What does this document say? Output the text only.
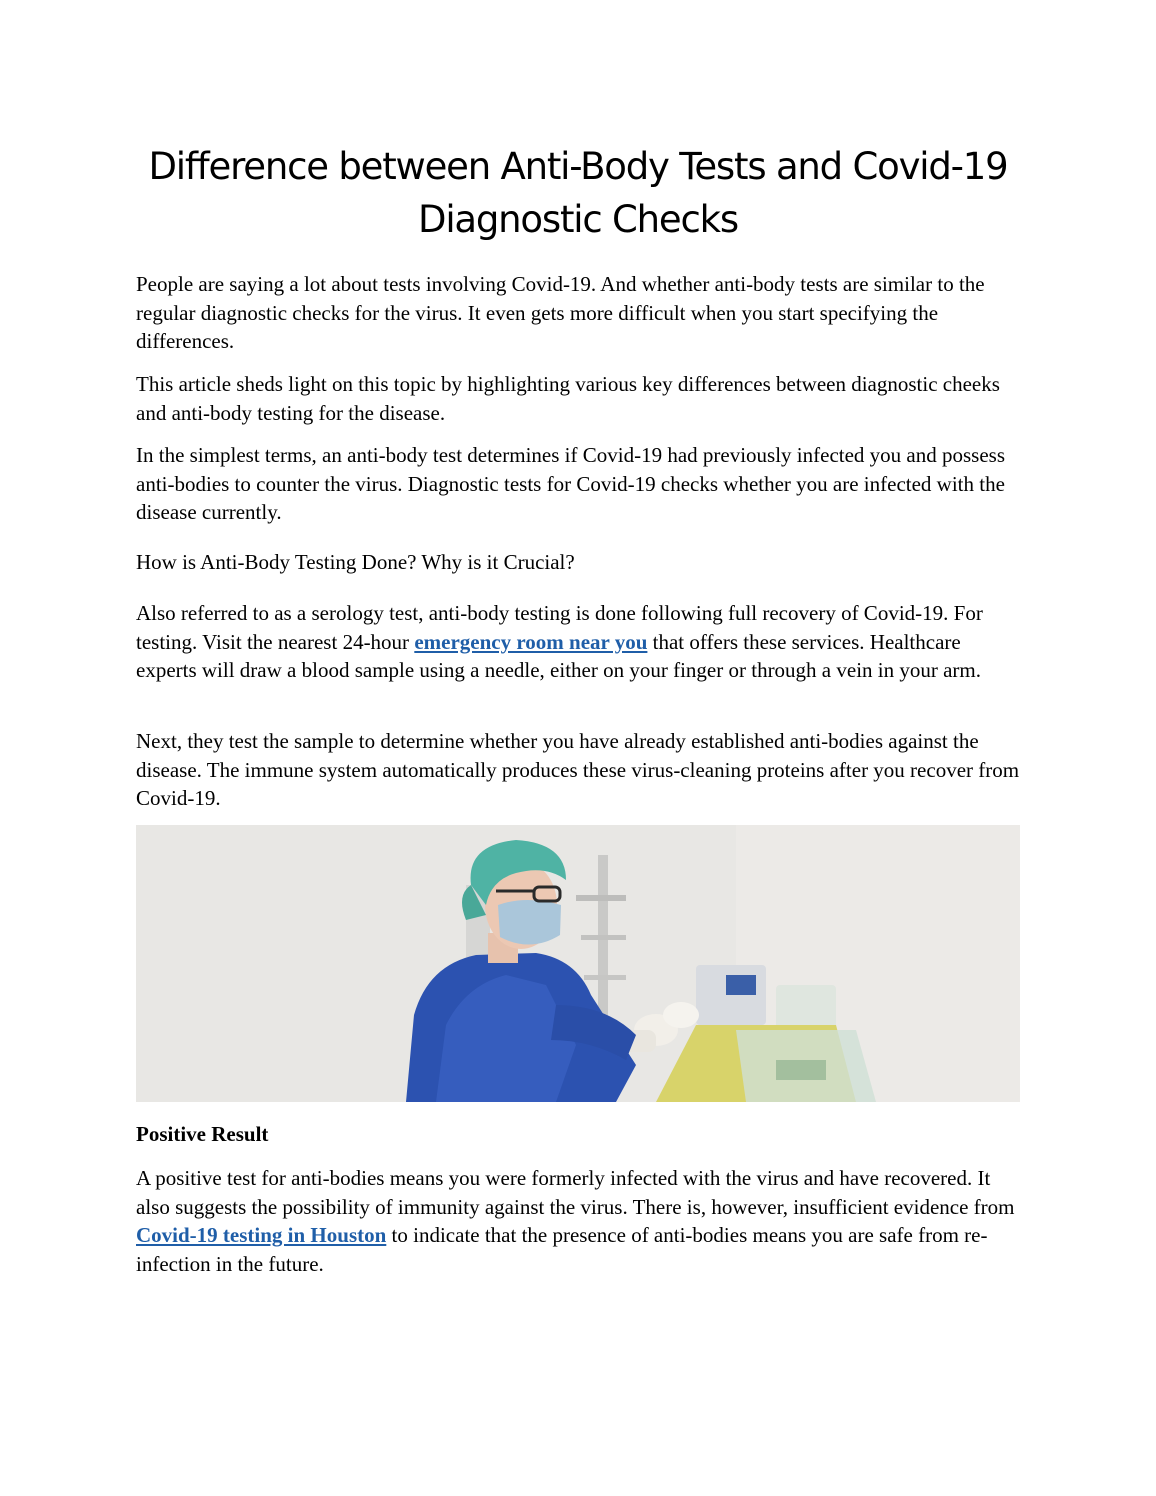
Difference between Anti-Body Tests and Covid-19 Diagnostic Checks

People are saying a lot about tests involving Covid-19. And whether anti-body tests are similar to the regular diagnostic checks for the virus. It even gets more difficult when you start specifying the differences.

This article sheds light on this topic by highlighting various key differences between diagnostic cheeks and anti-body testing for the disease.

In the simplest terms, an anti-body test determines if Covid-19 had previously infected you and possess anti-bodies to counter the virus. Diagnostic tests for Covid-19 checks whether you are infected with the disease currently.

How is Anti-Body Testing Done? Why is it Crucial?

Also referred to as a serology test, anti-body testing is done following full recovery of Covid-19. For testing. Visit the nearest 24-hour emergency room near you that offers these services. Healthcare experts will draw a blood sample using a needle, either on your finger or through a vein in your arm.

Next, they test the sample to determine whether you have already established anti-bodies against the disease. The immune system automatically produces these virus-cleaning proteins after you recover from Covid-19.

Positive Result

A positive test for anti-bodies means you were formerly infected with the virus and have recovered. It also suggests the possibility of immunity against the virus. There is, however, insufficient evidence from Covid-19 testing in Houston to indicate that the presence of anti-bodies means you are safe from re-infection in the future.
